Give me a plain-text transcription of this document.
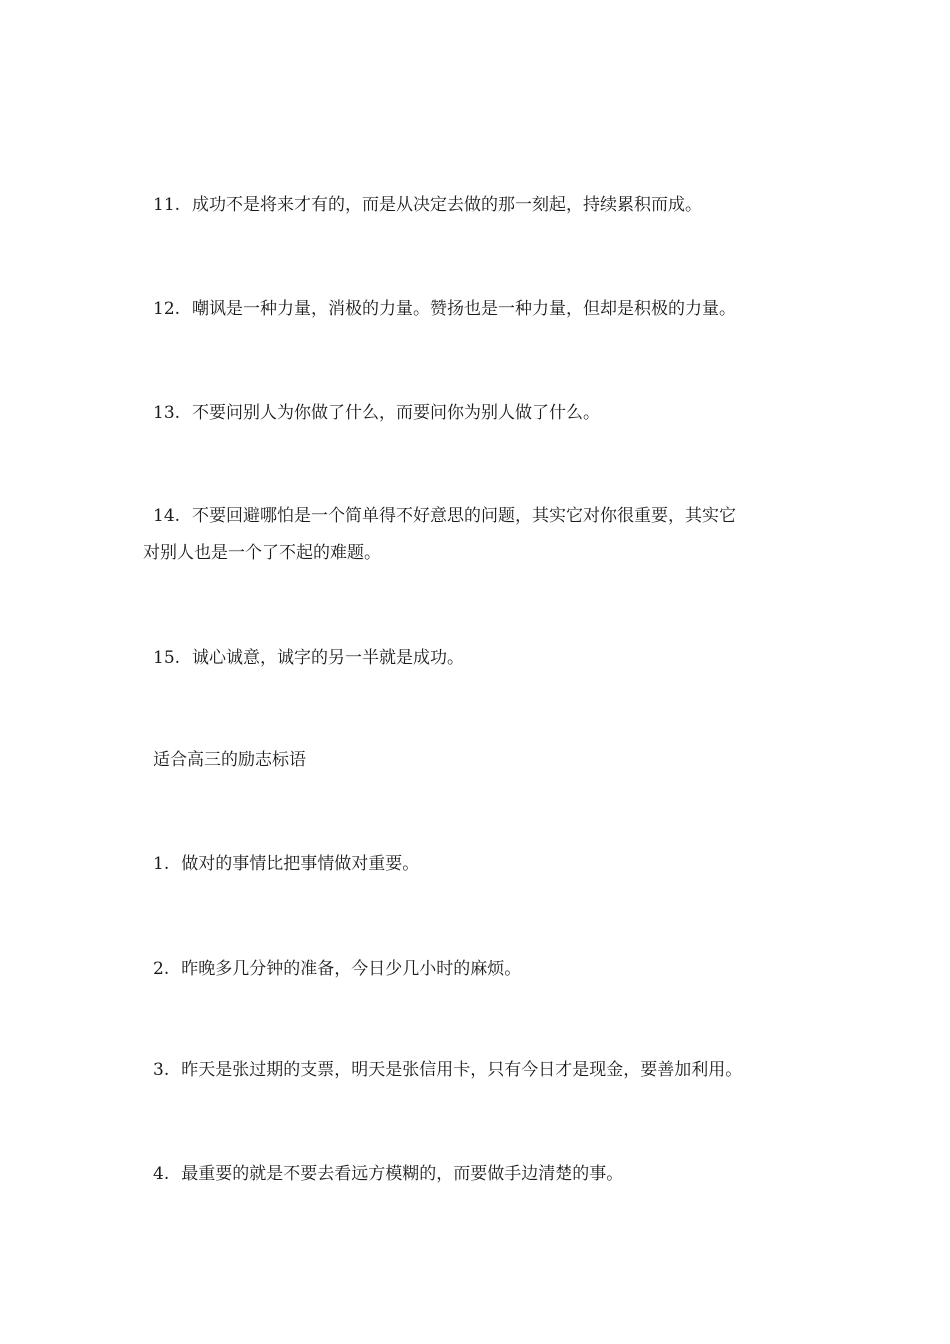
11. 成功不是将来才有的，而是从决定去做的那一刻起，持续累积而成。
12. 嘲讽是一种力量，消极的力量。赞扬也是一种力量，但却是积极的力量。
13. 不要问别人为你做了什么，而要问你为别人做了什么。
14. 不要回避哪怕是一个简单得不好意思的问题，其实它对你很重要，其实它
对别人也是一个了不起的难题。
15. 诚心诚意，诚字的另一半就是成功。
适合高三的励志标语
1. 做对的事情比把事情做对重要。
2. 昨晚多几分钟的准备，今日少几小时的麻烦。
3. 昨天是张过期的支票，明天是张信用卡，只有今日才是现金，要善加利用。
4. 最重要的就是不要去看远方模糊的，而要做手边清楚的事。
